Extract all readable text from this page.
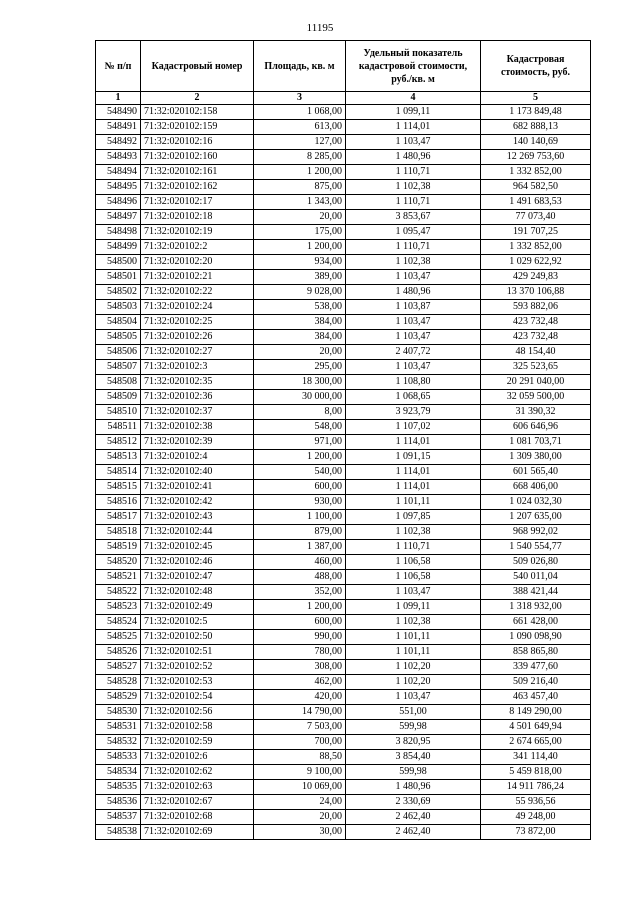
11195
№ п/п	Кадастровый номер	Площадь, кв. м	Удельный показатель кадастровой стоимости, руб./кв. м	Кадастровая стоимость, руб.
1	2	3	4	5
548490	71:32:020102:158	1 068,00	1 099,11	1 173 849,48
548491	71:32:020102:159	613,00	1 114,01	682 888,13
548492	71:32:020102:16	127,00	1 103,47	140 140,69
548493	71:32:020102:160	8 285,00	1 480,96	12 269 753,60
548494	71:32:020102:161	1 200,00	1 110,71	1 332 852,00
548495	71:32:020102:162	875,00	1 102,38	964 582,50
548496	71:32:020102:17	1 343,00	1 110,71	1 491 683,53
548497	71:32:020102:18	20,00	3 853,67	77 073,40
548498	71:32:020102:19	175,00	1 095,47	191 707,25
548499	71:32:020102:2	1 200,00	1 110,71	1 332 852,00
548500	71:32:020102:20	934,00	1 102,38	1 029 622,92
548501	71:32:020102:21	389,00	1 103,47	429 249,83
548502	71:32:020102:22	9 028,00	1 480,96	13 370 106,88
548503	71:32:020102:24	538,00	1 103,87	593 882,06
548504	71:32:020102:25	384,00	1 103,47	423 732,48
548505	71:32:020102:26	384,00	1 103,47	423 732,48
548506	71:32:020102:27	20,00	2 407,72	48 154,40
548507	71:32:020102:3	295,00	1 103,47	325 523,65
548508	71:32:020102:35	18 300,00	1 108,80	20 291 040,00
548509	71:32:020102:36	30 000,00	1 068,65	32 059 500,00
548510	71:32:020102:37	8,00	3 923,79	31 390,32
548511	71:32:020102:38	548,00	1 107,02	606 646,96
548512	71:32:020102:39	971,00	1 114,01	1 081 703,71
548513	71:32:020102:4	1 200,00	1 091,15	1 309 380,00
548514	71:32:020102:40	540,00	1 114,01	601 565,40
548515	71:32:020102:41	600,00	1 114,01	668 406,00
548516	71:32:020102:42	930,00	1 101,11	1 024 032,30
548517	71:32:020102:43	1 100,00	1 097,85	1 207 635,00
548518	71:32:020102:44	879,00	1 102,38	968 992,02
548519	71:32:020102:45	1 387,00	1 110,71	1 540 554,77
548520	71:32:020102:46	460,00	1 106,58	509 026,80
548521	71:32:020102:47	488,00	1 106,58	540 011,04
548522	71:32:020102:48	352,00	1 103,47	388 421,44
548523	71:32:020102:49	1 200,00	1 099,11	1 318 932,00
548524	71:32:020102:5	600,00	1 102,38	661 428,00
548525	71:32:020102:50	990,00	1 101,11	1 090 098,90
548526	71:32:020102:51	780,00	1 101,11	858 865,80
548527	71:32:020102:52	308,00	1 102,20	339 477,60
548528	71:32:020102:53	462,00	1 102,20	509 216,40
548529	71:32:020102:54	420,00	1 103,47	463 457,40
548530	71:32:020102:56	14 790,00	551,00	8 149 290,00
548531	71:32:020102:58	7 503,00	599,98	4 501 649,94
548532	71:32:020102:59	700,00	3 820,95	2 674 665,00
548533	71:32:020102:6	88,50	3 854,40	341 114,40
548534	71:32:020102:62	9 100,00	599,98	5 459 818,00
548535	71:32:020102:63	10 069,00	1 480,96	14 911 786,24
548536	71:32:020102:67	24,00	2 330,69	55 936,56
548537	71:32:020102:68	20,00	2 462,40	49 248,00
548538	71:32:020102:69	30,00	2 462,40	73 872,00
